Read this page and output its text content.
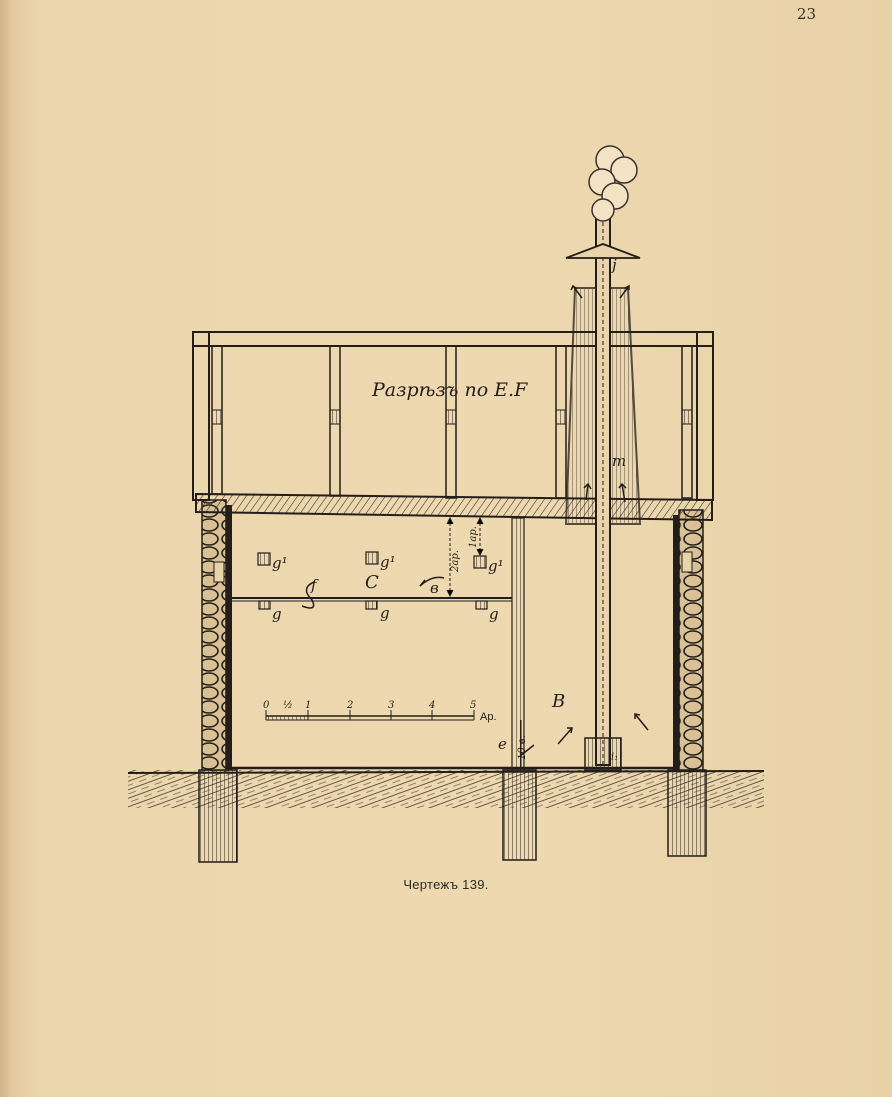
23
Разрѣзъ по E.F
C
B
f	в
e
m
j
i₁
g¹	g¹	g¹
g	g	g
2ар.
1ар.
10 в.
0 ½ 1	2	3	4	5
Ар.
Чертежъ 139.
